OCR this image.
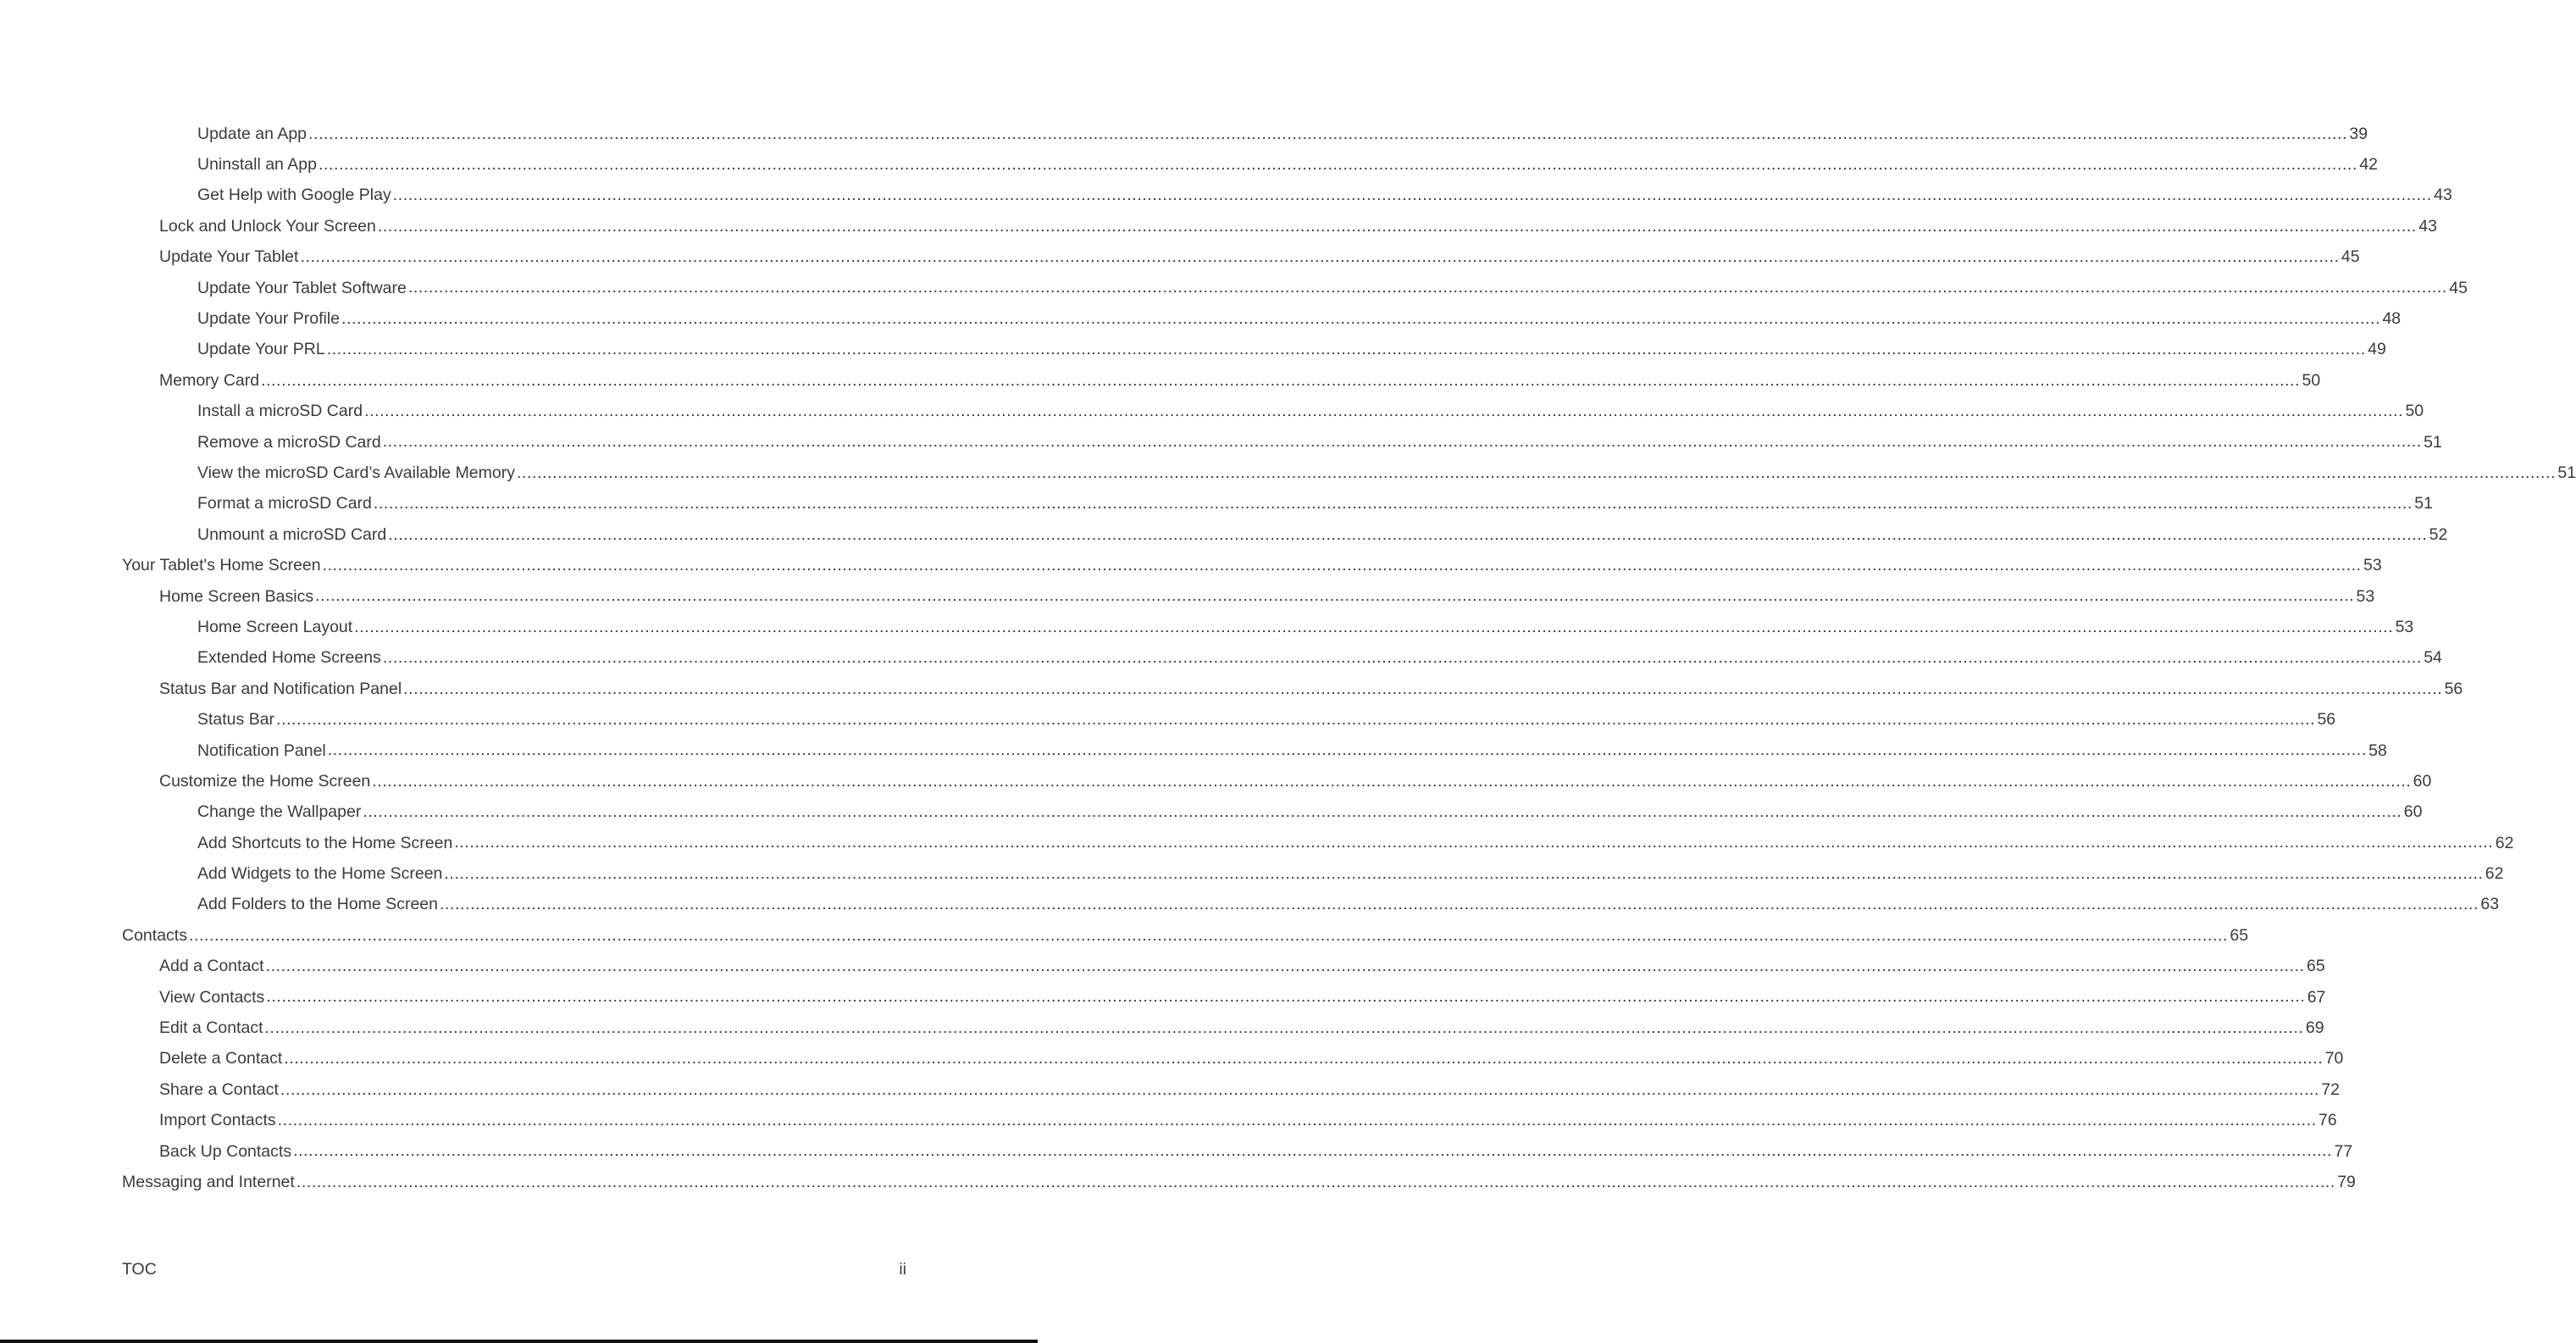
Update an App ................................................................................................................................................................................................................................................................................................................................................................................................................ 39
Uninstall an App ................................................................................................................................................................................................................................................................................................................................................................................................................ 42
Get Help with Google Play ................................................................................................................................................................................................................................................................................................................................................................................................................ 43
Lock and Unlock Your Screen ................................................................................................................................................................................................................................................................................................................................................................................................................ 43
Update Your Tablet ................................................................................................................................................................................................................................................................................................................................................................................................................ 45
Update Your Tablet Software ................................................................................................................................................................................................................................................................................................................................................................................................................ 45
Update Your Profile ................................................................................................................................................................................................................................................................................................................................................................................................................ 48
Update Your PRL ................................................................................................................................................................................................................................................................................................................................................................................................................ 49
Memory Card ................................................................................................................................................................................................................................................................................................................................................................................................................ 50
Install a microSD Card ................................................................................................................................................................................................................................................................................................................................................................................................................ 50
Remove a microSD Card ................................................................................................................................................................................................................................................................................................................................................................................................................ 51
View the microSD Card’s Available Memory ................................................................................................................................................................................................................................................................................................................................................................................................................ 51
Format a microSD Card ................................................................................................................................................................................................................................................................................................................................................................................................................ 51
Unmount a microSD Card ................................................................................................................................................................................................................................................................................................................................................................................................................ 52
Your Tablet's Home Screen ................................................................................................................................................................................................................................................................................................................................................................................................................ 53
Home Screen Basics ................................................................................................................................................................................................................................................................................................................................................................................................................ 53
Home Screen Layout ................................................................................................................................................................................................................................................................................................................................................................................................................ 53
Extended Home Screens ................................................................................................................................................................................................................................................................................................................................................................................................................ 54
Status Bar and Notification Panel ................................................................................................................................................................................................................................................................................................................................................................................................................ 56
Status Bar ................................................................................................................................................................................................................................................................................................................................................................................................................ 56
Notification Panel ................................................................................................................................................................................................................................................................................................................................................................................................................ 58
Customize the Home Screen ................................................................................................................................................................................................................................................................................................................................................................................................................ 60
Change the Wallpaper ................................................................................................................................................................................................................................................................................................................................................................................................................ 60
Add Shortcuts to the Home Screen ................................................................................................................................................................................................................................................................................................................................................................................................................ 62
Add Widgets to the Home Screen ................................................................................................................................................................................................................................................................................................................................................................................................................ 62
Add Folders to the Home Screen ................................................................................................................................................................................................................................................................................................................................................................................................................ 63
Contacts ................................................................................................................................................................................................................................................................................................................................................................................................................ 65
Add a Contact ................................................................................................................................................................................................................................................................................................................................................................................................................ 65
View Contacts ................................................................................................................................................................................................................................................................................................................................................................................................................ 67
Edit a Contact ................................................................................................................................................................................................................................................................................................................................................................................................................ 69
Delete a Contact ................................................................................................................................................................................................................................................................................................................................................................................................................ 70
Share a Contact ................................................................................................................................................................................................................................................................................................................................................................................................................ 72
Import Contacts ................................................................................................................................................................................................................................................................................................................................................................................................................ 76
Back Up Contacts ................................................................................................................................................................................................................................................................................................................................................................................................................ 77
Messaging and Internet ................................................................................................................................................................................................................................................................................................................................................................................................................ 79
TOC	ii
